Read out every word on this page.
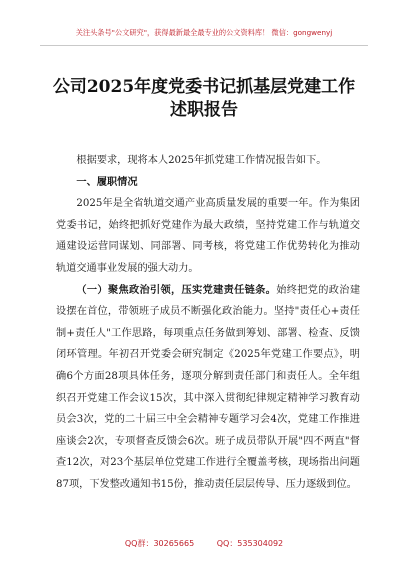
关注头条号"公文研究"，获得最新最全最专业的公文资料库！ 微信：gongwenyj
公司2025年度党委书记抓基层党建工作
述职报告

根据要求，现将本人2025年抓党建工作情况报告如下。

一、履职情况

2025年是全省轨道交通产业高质量发展的重要一年。作为集团党委书记，始终把抓好党建作为最大政绩，坚持党建工作与轨道交通建设运营同谋划、同部署、同考核，将党建工作优势转化为推动轨道交通事业发展的强大动力。

（一）聚焦政治引领，压实党建责任链条。始终把党的政治建设摆在首位，带领班子成员不断强化政治能力。坚持"责任心+责任制+责任人"工作思路，每项重点任务做到筹划、部署、检查、反馈闭环管理。年初召开党委会研究制定《2025年党建工作要点》，明确6个方面28项具体任务，逐项分解到责任部门和责任人。全年组织召开党建工作会议15次，其中深入贯彻纪律规定精神学习教育动员会3次，党的二十届三中全会精神专题学习会4次，党建工作推进座谈会2次，专项督查反馈会6次。班子成员带队开展"四不两直"督查12次，对23个基层单位党建工作进行全覆盖考核，现场指出问题87项，下发整改通知书15份，推动责任层层传导、压力逐级到位。

QQ群：30265665	QQ：535304092
